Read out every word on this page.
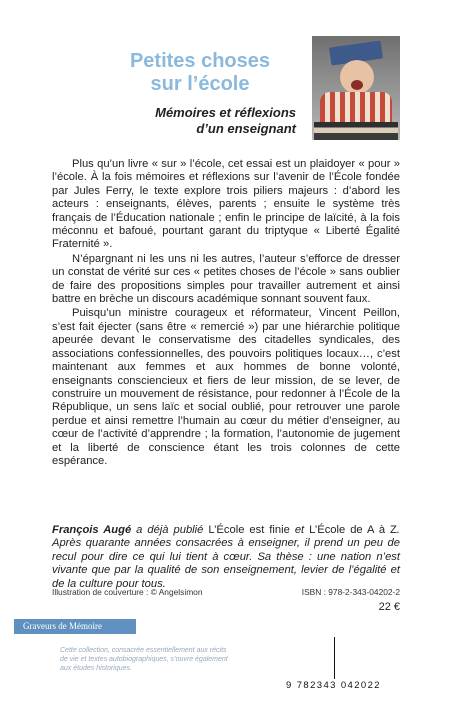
Petites choses
sur l’école
Mémoires et réflexions
d’un enseignant

Plus qu’un livre « sur » l’école, cet essai est un plaidoyer « pour » l’école. À la fois mémoires et réflexions sur l’avenir de l’École fondée par Jules Ferry, le texte explore trois piliers majeurs : d’abord les acteurs : enseignants, élèves, parents ; ensuite le système très français de l’Éducation nationale ; enfin le principe de laïcité, à la fois méconnu et bafoué, pourtant garant du triptyque « Liberté Égalité Fraternité ».

N’épargnant ni les uns ni les autres, l’auteur s’efforce de dresser un constat de vérité sur ces « petites choses de l’école » sans oublier de faire des propositions simples pour travailler autrement et ainsi battre en brèche un discours académique sonnant souvent faux.

Puisqu’un ministre courageux et réformateur, Vincent Peillon, s’est fait éjecter (sans être « remercié ») par une hiérarchie politique apeurée devant le conservatisme des citadelles syndicales, des associations confessionnelles, des pouvoirs politiques locaux…, c’est maintenant aux femmes et aux hommes de bonne volonté, enseignants consciencieux et fiers de leur mission, de se lever, de construire un mouvement de résistance, pour redonner à l’École de la République, un sens laïc et social oublié, pour retrouver une parole perdue et ainsi remettre l’humain au cœur du métier d’enseigner, au cœur de l’activité d’apprendre ; la formation, l’autonomie de jugement et la liberté de conscience étant les trois colonnes de cette espérance.

François Augé a déjà publié L’École est finie et L’École de A à Z. Après quarante années consacrées à enseigner, il prend un peu de recul pour dire ce qui lui tient à cœur. Sa thèse : une nation n’est vivante que par la qualité de son enseignement, levier de l’égalité et de la culture pour tous.
Illustration de couverture : © Angelsimon	ISBN : 978-2-343-04202-2
22 €
Graveurs de Mémoire
Cette collection, consacrée essentiellement aux récits de vie et textes autobiographiques, s’ouvre également aux études historiques.
9 782343 042022
